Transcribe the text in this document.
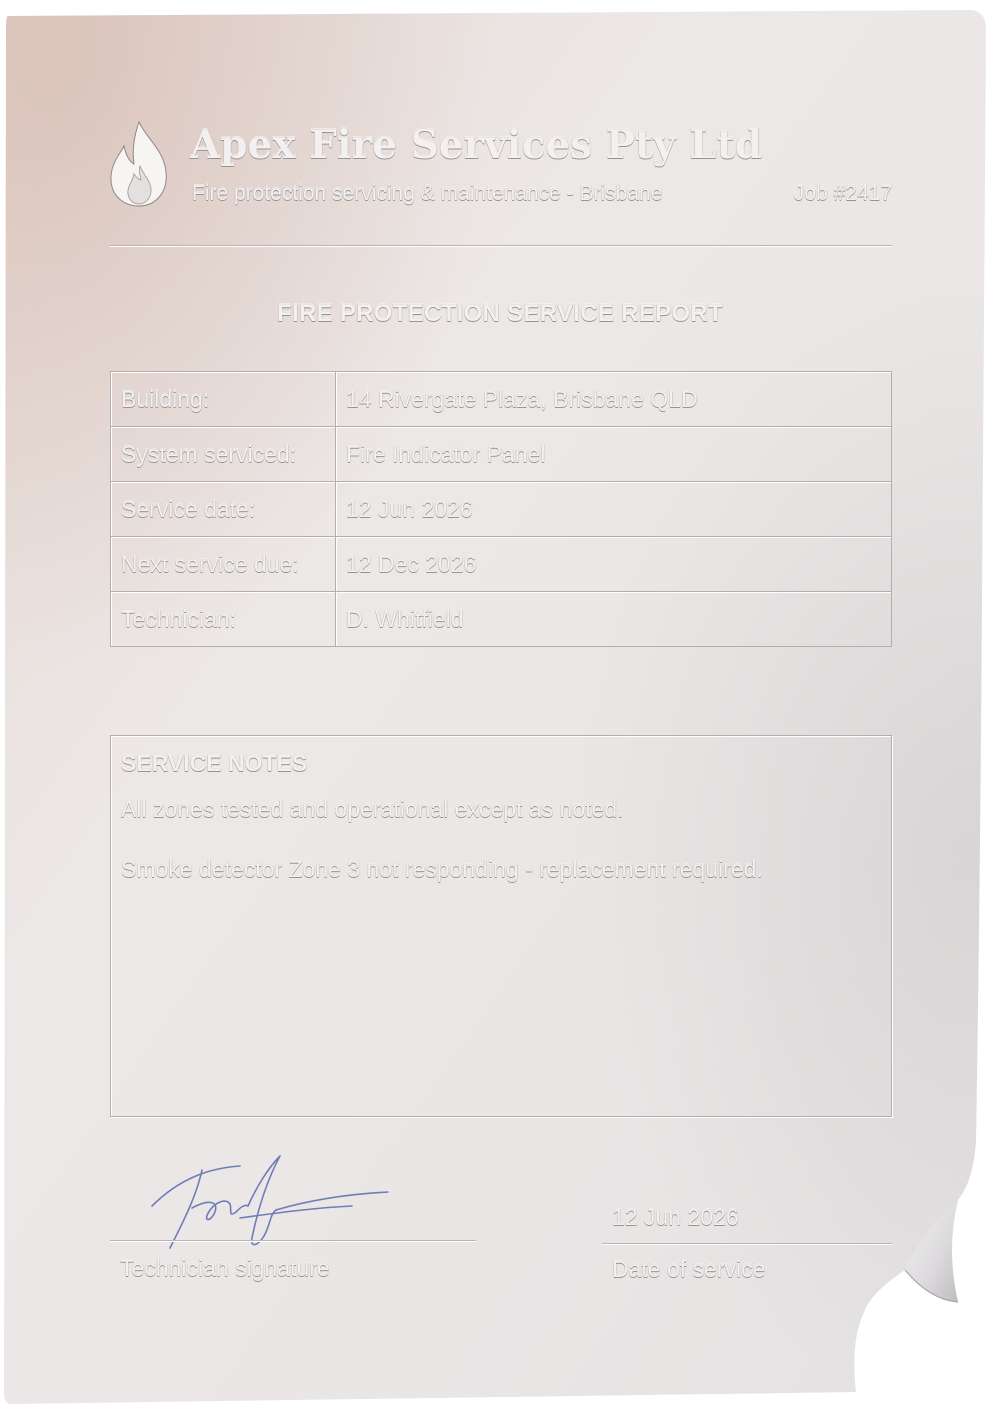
Apex Fire Services Pty Ltd
Fire protection servicing & maintenance - Brisbane	Job #2417
FIRE PROTECTION SERVICE REPORT
Building:	14 Rivergate Plaza, Brisbane QLD
System serviced:	Fire Indicator Panel
Service date:	12 Jun 2026
Next service due:	12 Dec 2026
Technician:	D. Whitfield
SERVICE NOTES
All zones tested and operational except as noted.
Smoke detector Zone 3 not responding - replacement required.
Technician signature
12 Jun 2026
Date of service
